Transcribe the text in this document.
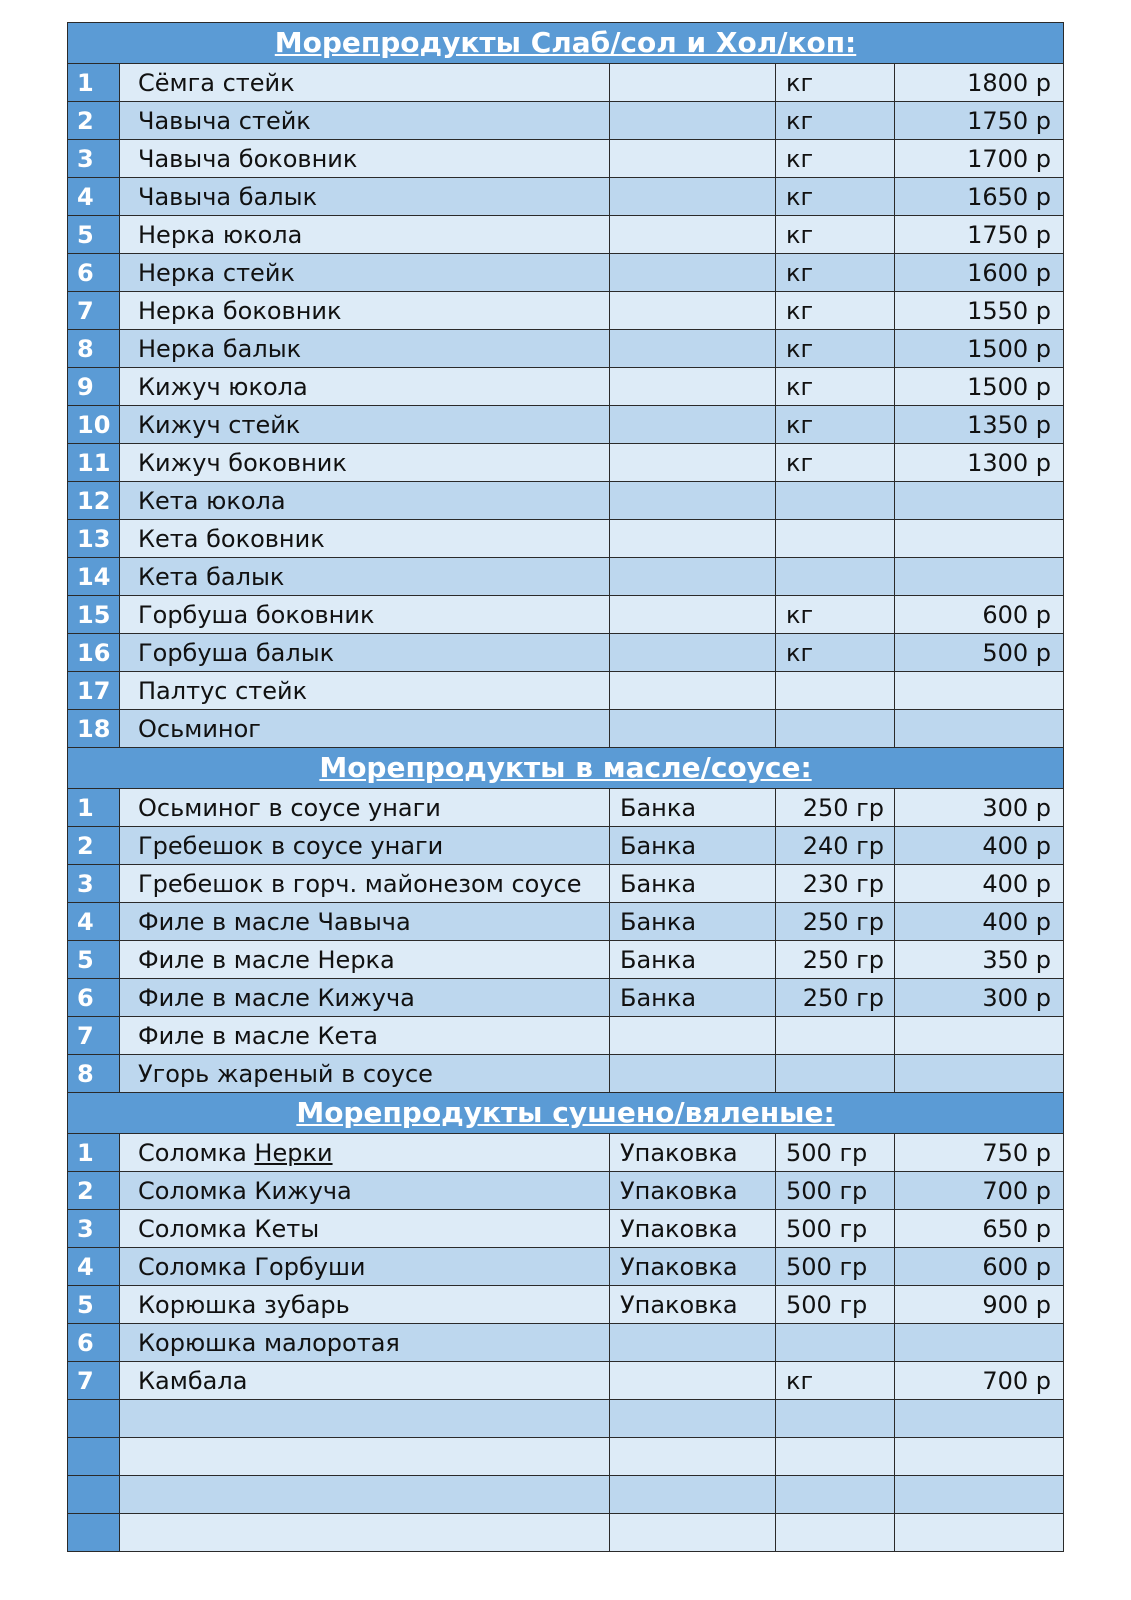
Морепродукты Слаб/сол и Хол/коп:				
1	Сёмга стейк		кг	1800 р
2	Чавыча стейк		кг	1750 р
3	Чавыча боковник		кг	1700 р
4	Чавыча балык		кг	1650 р
5	Нерка юкола		кг	1750 р
6	Нерка стейк		кг	1600 р
7	Нерка боковник		кг	1550 р
8	Нерка балык		кг	1500 р
9	Кижуч юкола		кг	1500 р
10	Кижуч стейк		кг	1350 р
11	Кижуч боковник		кг	1300 р
12	Кета юкола			
13	Кета боковник			
14	Кета балык			
15	Горбуша боковник		кг	600 р
16	Горбуша балык		кг	500 р
17	Палтус стейк			
18	Осьминог			
Морепродукты в масле/соусе:				
1	Осьминог в соусе унаги	Банка	250 гр	300 р
2	Гребешок в соусе унаги	Банка	240 гр	400 р
3	Гребешок в горч. майонезом соусе	Банка	230 гр	400 р
4	Филе в масле Чавыча	Банка	250 гр	400 р
5	Филе в масле Нерка	Банка	250 гр	350 р
6	Филе в масле Кижуча	Банка	250 гр	300 р
7	Филе в масле Кета			
8	Угорь жареный в соусе			
Морепродукты сушено/вяленые:				
1	Соломка Нерки	Упаковка	500 гр	750 р
2	Соломка Кижуча	Упаковка	500 гр	700 р
3	Соломка Кеты	Упаковка	500 гр	650 р
4	Соломка Горбуши	Упаковка	500 гр	600 р
5	Корюшка зубарь	Упаковка	500 гр	900 р
6	Корюшка малоротая			
7	Камбала		кг	700 р
